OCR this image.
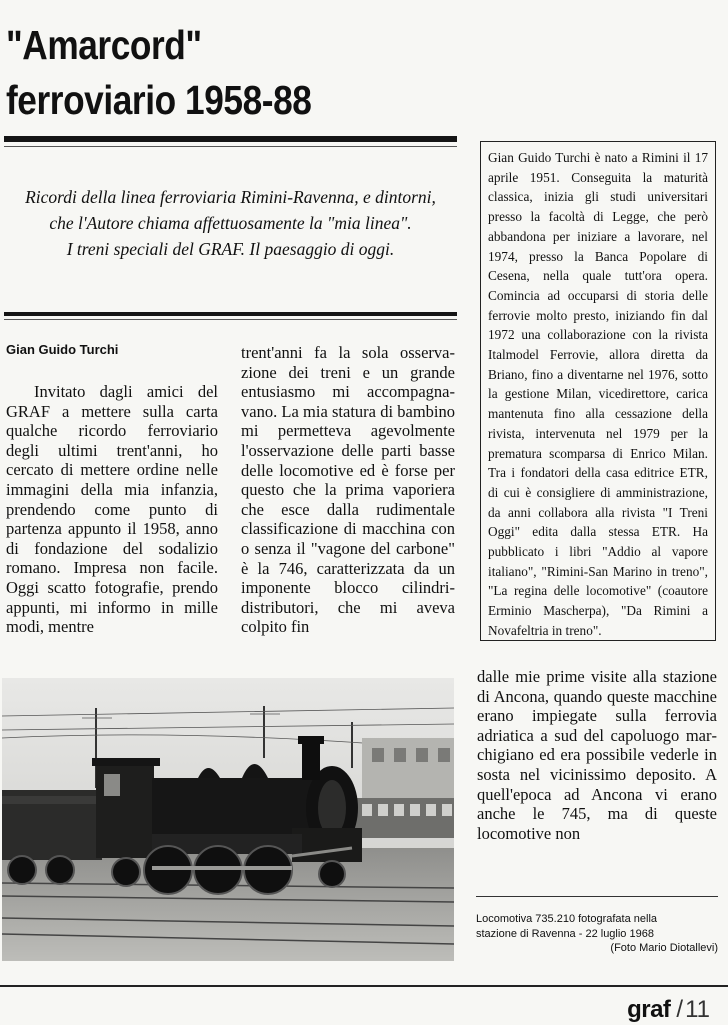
"Amarcord"
ferroviario 1958-88
Ricordi della linea ferroviaria Rimini-Ravenna, e dintorni,
che l'Autore chiama affettuosamente la "mia linea".
I treni speciali del GRAF. Il paesaggio di oggi.
Gian Guido Turchi
Invitato dagli amici del GRAF a mettere sulla carta qualche ricordo ferroviario degli ultimi trent'anni, ho cercato di mettere ordine nelle immagini della mia infanzia, prendendo come punto di partenza appunto il 1958, anno di fondazione del sodalizio romano. Impresa non facile. Oggi scatto fotografie, prendo appunti, mi informo in mille modi, mentre
trent'anni fa la sola osservazione dei treni e un grande entusiasmo mi accompagnavano. La mia statura di bambino mi permetteva agevolmente l'osservazione delle parti basse delle locomotive ed è forse per questo che la prima vaporiera che esce dalla rudimentale classificazione di macchina con o senza il "vagone del carbone" è la 746, caratterizzata da un imponente blocco cilindri-distributori, che mi aveva colpito fin
Gian Guido Turchi è nato a Rimini il 17 aprile 1951. Conseguita la maturità classica, inizia gli studi universitari presso la facoltà di Legge, che però abbandona per iniziare a lavorare, nel 1974, presso la Banca Popolare di Cesena, nella quale tutt'ora opera. Comincia ad occuparsi di storia delle ferrovie molto presto, iniziando fin dal 1972 una collaborazione con la rivista Italmodel Ferrovie, allora diretta da Briano, fino a diventarne nel 1976, sotto la gestione Milan, vicedirettore, carica mantenuta fino alla cessazione della rivista, intervenuta nel 1979 per la prematura scomparsa di Enrico Milan. Tra i fondatori della casa editrice ETR, di cui è consigliere di amministrazione, da anni collabora alla rivista "I Treni Oggi" edita dalla stessa ETR. Ha pubblicato i libri "Addio al vapore italiano", "Rimini-San Marino in treno", "La regina delle locomotive" (coautore Erminio Mascherpa), "Da Rimini a Novafeltria in treno".
dalle mie prime visite alla stazione di Ancona, quando queste macchine erano impiegate sulla ferrovia adriatica a sud del capoluogo marchigiano ed era possibile vederle in sosta nel vicinissimo deposito. A quell'epoca ad Ancona vi erano anche le 745, ma di queste locomotive non
Locomotiva 735.210 fotografata nella
stazione di Ravenna - 22 luglio 1968
(Foto Mario Diotallevi)
graf /11
